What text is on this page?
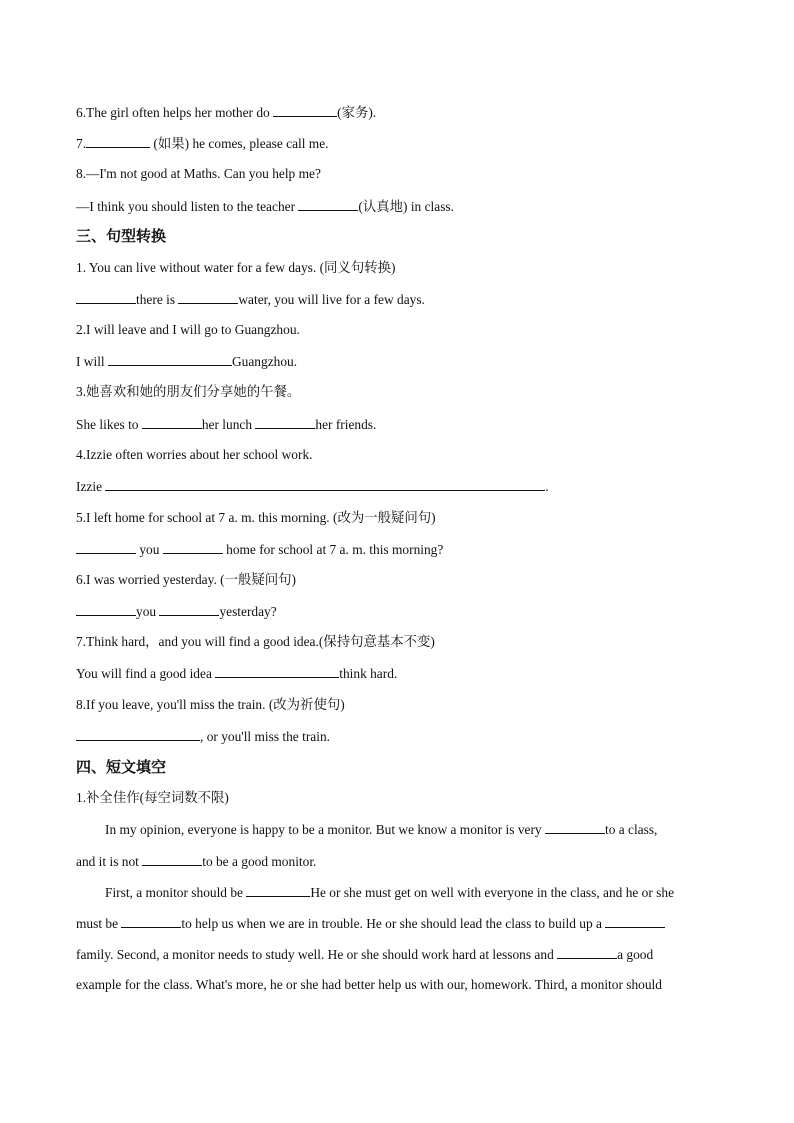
6.The girl often helps her mother do	(家务).
7.	(如果) he comes, please call me.
8.—I'm not good at Maths. Can you help me?
—I think you should listen to the teacher	(认真地) in class.
三、句型转换
1. You can live without water for a few days. (同义句转换)
there is	water, you will live for a few days.
2.I will leave and I will go to Guangzhou.
I will	Guangzhou.
3.她喜欢和她的朋友们分享她的午餐。
She likes to	her lunch	her friends.
4.Izzie often worries about her school work.
Izzie	.
5.I left home for school at 7 a. m. this morning. (改为一般疑问句)
you	home for school at 7 a. m. this morning?
6.I was worried yesterday. (一般疑问句)
you	yesterday?
7.Think hard，and you will find a good idea.(保持句意基本不变)
You will find a good idea	think hard.
8.If you leave, you'll miss the train. (改为祈使句)
, or you'll miss the train.
四、短文填空
1.补全佳作(每空词数不限)
In my opinion, everyone is happy to be a monitor. But we know a monitor is very	to a class,
and it is not	to be a good monitor.
First, a monitor should be	He or she must get on well with everyone in the class, and he or she
must be	to help us when we are in trouble. He or she should lead the class to build up a
family. Second, a monitor needs to study well. He or she should work hard at lessons and	a good
example for the class. What's more, he or she had better help us with our, homework. Third, a monitor should
